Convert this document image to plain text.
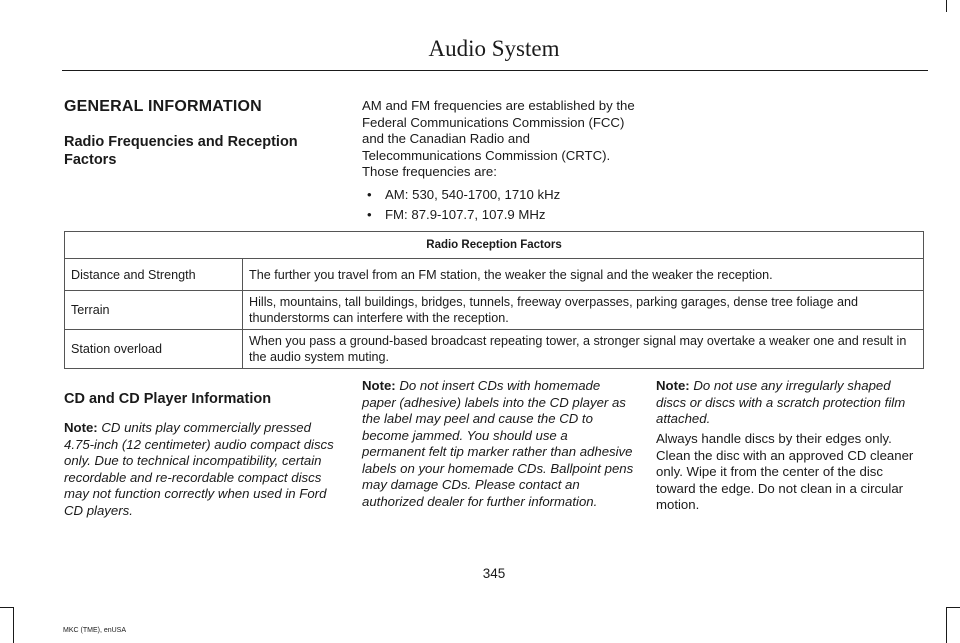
Audio System
GENERAL INFORMATION
Radio Frequencies and Reception Factors
AM and FM frequencies are established by the Federal Communications Commission (FCC) and the Canadian Radio and Telecommunications Commission (CRTC). Those frequencies are:
• AM: 530, 540-1700, 1710 kHz
• FM: 87.9-107.7, 107.9 MHz
Radio Reception Factors	
Distance and Strength	The further you travel from an FM station, the weaker the signal and the weaker the reception.
Terrain	Hills, mountains, tall buildings, bridges, tunnels, freeway overpasses, parking garages, dense tree foliage and thunderstorms can interfere with the reception.
Station overload	When you pass a ground-based broadcast repeating tower, a stronger signal may overtake a weaker one and result in the audio system muting.
CD and CD Player Information
Note: CD units play commercially pressed 4.75-inch (12 centimeter) audio compact discs only. Due to technical incompatibility, certain recordable and re-recordable compact discs may not function correctly when used in Ford CD players.
Note: Do not insert CDs with homemade paper (adhesive) labels into the CD player as the label may peel and cause the CD to become jammed. You should use a permanent felt tip marker rather than adhesive labels on your homemade CDs. Ballpoint pens may damage CDs. Please contact an authorized dealer for further information.
Note: Do not use any irregularly shaped discs or discs with a scratch protection film attached.
Always handle discs by their edges only. Clean the disc with an approved CD cleaner only. Wipe it from the center of the disc toward the edge. Do not clean in a circular motion.
345
MKC (TME), enUSA
